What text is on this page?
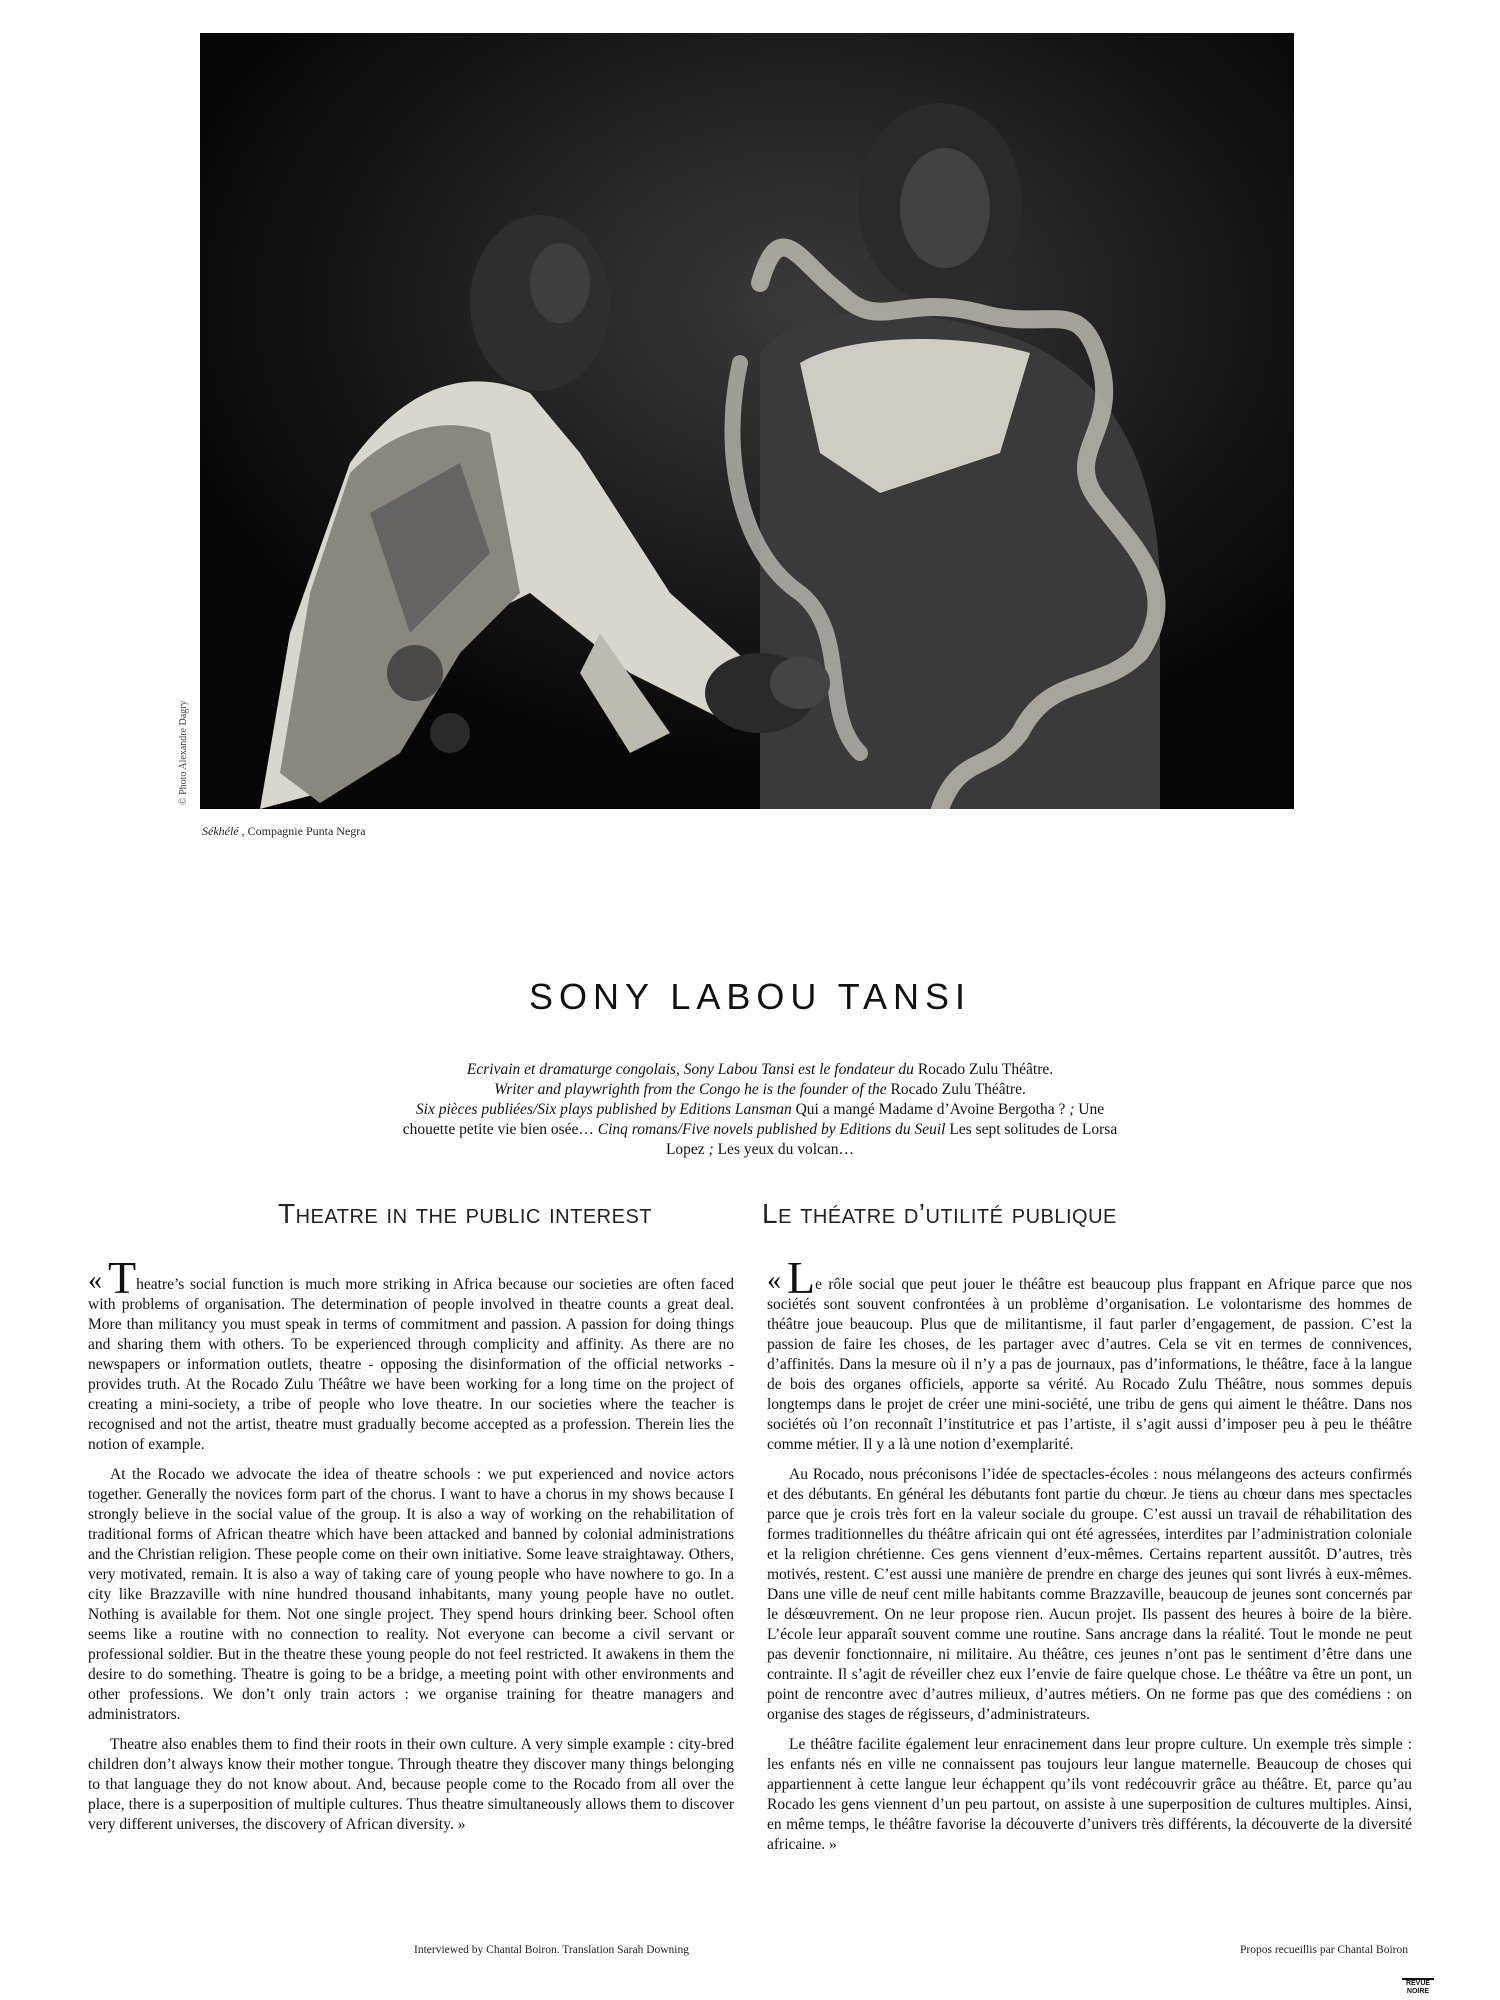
© Photo Alexandre Dagry
Sékhélé , Compagnie Punta Negra
SONY LABOU TANSI
Ecrivain et dramaturge congolais, Sony Labou Tansi est le fondateur du Rocado Zulu Théâtre.
Writer and playwrighth from the Congo he is the founder of the Rocado Zulu Théâtre.
Six pièces publiées/Six plays published by Editions Lansman Qui a mangé Madame d’Avoine Bergotha ? ; Une chouette petite vie bien osée… Cinq romans/Five novels published by Editions du Seuil Les sept solitudes de Lorsa Lopez ; Les yeux du volcan…
Theatre in the public interest	Le théatre d’utilité publique

« Theatre’s social function is much more striking in Africa because our societies are often faced with problems of organisation. The determination of people involved in theatre counts a great deal. More than militancy you must speak in terms of commitment and passion. A passion for doing things and sharing them with others. To be experienced through complicity and affinity. As there are no newspapers or information outlets, theatre - opposing the disinformation of the official networks - provides truth. At the Rocado Zulu Théâtre we have been working for a long time on the project of creating a mini-society, a tribe of people who love theatre. In our societies where the teacher is recognised and not the artist, theatre must gradually become accepted as a profession. Therein lies the notion of example.

At the Rocado we advocate the idea of theatre schools : we put experienced and novice actors together. Generally the novices form part of the chorus. I want to have a chorus in my shows because I strongly believe in the social value of the group. It is also a way of working on the rehabilitation of traditional forms of African theatre which have been attacked and banned by colonial administrations and the Christian religion. These people come on their own initiative. Some leave straightaway. Others, very motivated, remain. It is also a way of taking care of young people who have nowhere to go. In a city like Brazzaville with nine hundred thousand inhabitants, many young people have no outlet. Nothing is available for them. Not one single project. They spend hours drinking beer. School often seems like a routine with no connection to reality. Not everyone can become a civil servant or professional soldier. But in the theatre these young people do not feel restricted. It awakens in them the desire to do something. Theatre is going to be a bridge, a meeting point with other environments and other professions. We don’t only train actors : we organise training for theatre managers and administrators.

Theatre also enables them to find their roots in their own culture. A very simple example : city-bred children don’t always know their mother tongue. Through theatre they discover many things belonging to that language they do not know about. And, because people come to the Rocado from all over the place, there is a superposition of multiple cultures. Thus theatre simultaneously allows them to discover very different universes, the discovery of African diversity. »

Interviewed by Chantal Boiron. Translation Sarah Downing

« Le rôle social que peut jouer le théâtre est beaucoup plus frappant en Afrique parce que nos sociétés sont souvent confrontées à un problème d’organisation. Le volontarisme des hommes de théâtre joue beaucoup. Plus que de militantisme, il faut parler d’engagement, de passion. C’est la passion de faire les choses, de les partager avec d’autres. Cela se vit en termes de connivences, d’affinités. Dans la mesure où il n’y a pas de journaux, pas d’informations, le théâtre, face à la langue de bois des organes officiels, apporte sa vérité. Au Rocado Zulu Théâtre, nous sommes depuis longtemps dans le projet de créer une mini-société, une tribu de gens qui aiment le théâtre. Dans nos sociétés où l’on reconnaît l’institutrice et pas l’artiste, il s’agit aussi d’imposer peu à peu le théâtre comme métier. Il y a là une notion d’exemplarité.

Au Rocado, nous préconisons l’idée de spectacles-écoles : nous mélangeons des acteurs confirmés et des débutants. En général les débutants font partie du chœur. Je tiens au chœur dans mes spectacles parce que je crois très fort en la valeur sociale du groupe. C’est aussi un travail de réhabilitation des formes traditionnelles du théâtre africain qui ont été agressées, interdites par l’administration coloniale et la religion chrétienne. Ces gens viennent d’eux-mêmes. Certains repartent aussitôt. D’autres, très motivés, restent. C’est aussi une manière de prendre en charge des jeunes qui sont livrés à eux-mêmes. Dans une ville de neuf cent mille habitants comme Brazzaville, beaucoup de jeunes sont concernés par le désœuvrement. On ne leur propose rien. Aucun projet. Ils passent des heures à boire de la bière. L’école leur apparaît souvent comme une routine. Sans ancrage dans la réalité. Tout le monde ne peut pas devenir fonctionnaire, ni militaire. Au théâtre, ces jeunes n’ont pas le sentiment d’être dans une contrainte. Il s’agit de réveiller chez eux l’envie de faire quelque chose. Le théâtre va être un pont, un point de rencontre avec d’autres milieux, d’autres métiers. On ne forme pas que des comédiens : on organise des stages de régisseurs, d’administrateurs.

Le théâtre facilite également leur enracinement dans leur propre culture. Un exemple très simple : les enfants nés en ville ne connaissent pas toujours leur langue maternelle. Beaucoup de choses qui appartiennent à cette langue leur échappent qu’ils vont redécouvrir grâce au théâtre. Et, parce qu’au Rocado les gens viennent d’un peu partout, on assiste à une superposition de cultures multiples. Ainsi, en même temps, le théâtre favorise la découverte d’univers très différents, la découverte de la diversité africaine. »

Propos recueillis par Chantal Boiron
REVUE
NOIRE
